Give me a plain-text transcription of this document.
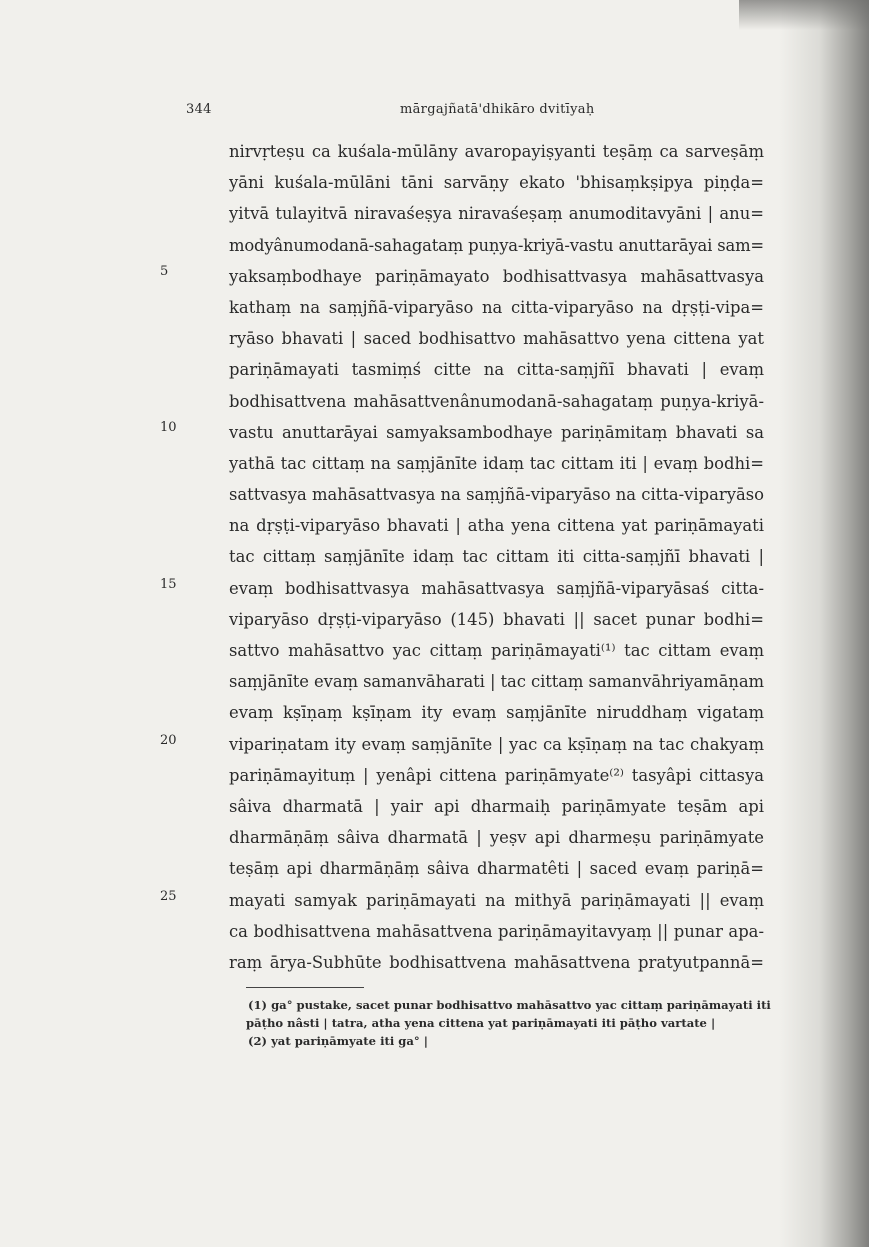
344	mārgajñatā'dhikāro dvitīyaḥ
5
10
15
20
25
nirvṛteṣu ca kuśala-mūlāny avaropayiṣyanti teṣāṃ ca sarveṣāṃ
yāni kuśala-mūlāni tāni sarvāṇy ekato 'bhisaṃkṣipya piṇḍa=
yitvā tulayitvā niravaśeṣya niravaśeṣaṃ anumoditavyāni | anu=
modyânumodanā-sahagataṃ puṇya-kriyā-vastu anuttarāyai sam=
yaksaṃbodhaye pariṇāmayato bodhisattvasya mahāsattvasya
kathaṃ na saṃjñā-viparyāso na citta-viparyāso na dṛṣṭi-vipa=
ryāso bhavati | saced bodhisattvo mahāsattvo yena cittena yat
pariṇāmayati tasmiṃś citte na citta-saṃjñī bhavati | evaṃ
bodhisattvena mahāsattvenânumodanā-sahagataṃ puṇya-kriyā-
vastu anuttarāyai samyaksambodhaye pariṇāmitaṃ bhavati sa
yathā tac cittaṃ na saṃjānīte idaṃ tac cittam iti | evaṃ bodhi=
sattvasya mahāsattvasya na saṃjñā-viparyāso na citta-viparyāso
na dṛṣṭi-viparyāso bhavati | atha yena cittena yat pariṇāmayati
tac cittaṃ saṃjānīte idaṃ tac cittam iti citta-saṃjñī bhavati |
evaṃ bodhisattvasya mahāsattvasya saṃjñā-viparyāsaś citta-
viparyāso dṛṣṭi-viparyāso (145) bhavati || sacet punar bodhi=
sattvo mahāsattvo yac cittaṃ pariṇāmayati⁽¹⁾ tac cittam evaṃ
saṃjānīte evaṃ samanvāharati | tac cittaṃ samanvāhriyamāṇam
evaṃ kṣīṇaṃ kṣīṇam ity evaṃ saṃjānīte niruddhaṃ vigataṃ
vipariṇatam ity evaṃ saṃjānīte | yac ca kṣīṇaṃ na tac chakyaṃ
pariṇāmayituṃ | yenâpi cittena pariṇāmyate⁽²⁾ tasyâpi cittasya
sâiva dharmatā | yair api dharmaiḥ pariṇāmyate teṣām api
dharmāṇāṃ sâiva dharmatā | yeṣv api dharmeṣu pariṇāmyate
teṣāṃ api dharmāṇāṃ sâiva dharmatêti | saced evaṃ pariṇā=
mayati samyak pariṇāmayati na mithyā pariṇāmayati || evaṃ
ca bodhisattvena mahāsattvena pariṇāmayitavyaṃ || punar apa-
raṃ ārya-Subhūte bodhisattvena mahāsattvena pratyutpannā=
(1) ga° pustake, sacet punar bodhisattvo mahāsattvo yac cittaṃ pariṇāmayati iti
pāṭho nâsti | tatra, atha yena cittena yat pariṇāmayati iti pāṭho vartate |
(2) yat pariṇāmyate iti ga° |
